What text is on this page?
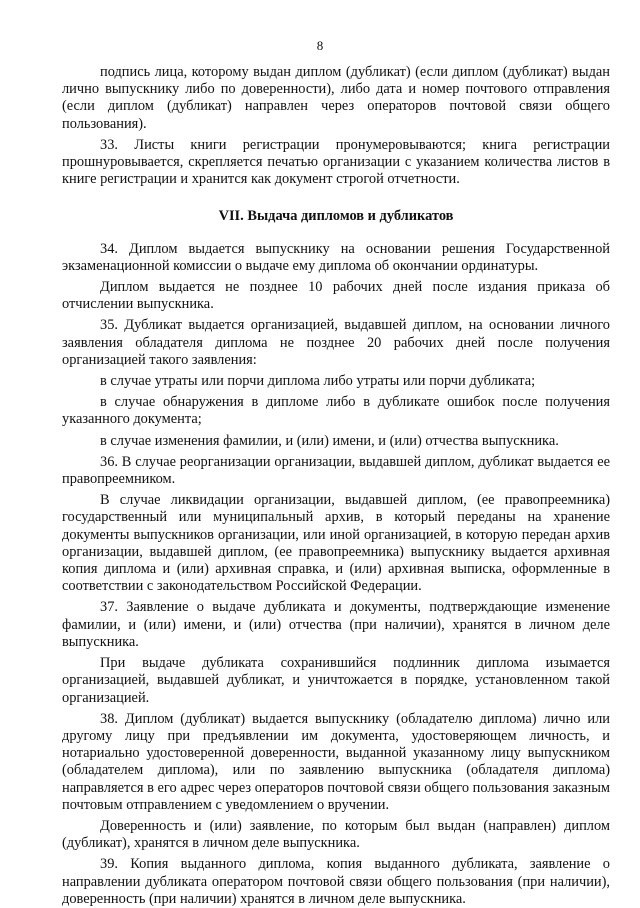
8

подпись лица, которому выдан диплом (дубликат) (если диплом (дубликат) выдан лично выпускнику либо по доверенности), либо дата и номер почтового отправления (если диплом (дубликат) направлен через операторов почтовой связи общего пользования).

33. Листы книги регистрации пронумеровываются; книга регистрации прошнуровывается, скрепляется печатью организации с указанием количества листов в книге регистрации и хранится как документ строгой отчетности.

VII. Выдача дипломов и дубликатов

34. Диплом выдается выпускнику на основании решения Государственной экзаменационной комиссии о выдаче ему диплома об окончании ординатуры.

Диплом выдается не позднее 10 рабочих дней после издания приказа об отчислении выпускника.

35. Дубликат выдается организацией, выдавшей диплом, на основании личного заявления обладателя диплома не позднее 20 рабочих дней после получения организацией такого заявления:

в случае утраты или порчи диплома либо утраты или порчи дубликата;

в случае обнаружения в дипломе либо в дубликате ошибок после получения указанного документа;

в случае изменения фамилии, и (или) имени, и (или) отчества выпускника.

36. В случае реорганизации организации, выдавшей диплом, дубликат выдается ее правопреемником.

В случае ликвидации организации, выдавшей диплом, (ее правопреемника) государственный или муниципальный архив, в который переданы на хранение документы выпускников организации, или иной организацией, в которую передан архив организации, выдавшей диплом, (ее правопреемника) выпускнику выдается архивная копия диплома и (или) архивная справка, и (или) архивная выписка, оформленные в соответствии с законодательством Российской Федерации.

37. Заявление о выдаче дубликата и документы, подтверждающие изменение фамилии, и (или) имени, и (или) отчества (при наличии), хранятся в личном деле выпускника.

При выдаче дубликата сохранившийся подлинник диплома изымается организацией, выдавшей дубликат, и уничтожается в порядке, установленном такой организацией.

38. Диплом (дубликат) выдается выпускнику (обладателю диплома) лично или другому лицу при предъявлении им документа, удостоверяющем личность, и нотариально удостоверенной доверенности, выданной указанному лицу выпускником (обладателем диплома), или по заявлению выпускника (обладателя диплома) направляется в его адрес через операторов почтовой связи общего пользования заказным почтовым отправлением с уведомлением о вручении.

Доверенность и (или) заявление, по которым был выдан (направлен) диплом (дубликат), хранятся в личном деле выпускника.

39. Копия выданного диплома, копия выданного дубликата, заявление о направлении дубликата оператором почтовой связи общего пользования (при наличии), доверенность (при наличии) хранятся в личном деле выпускника.
